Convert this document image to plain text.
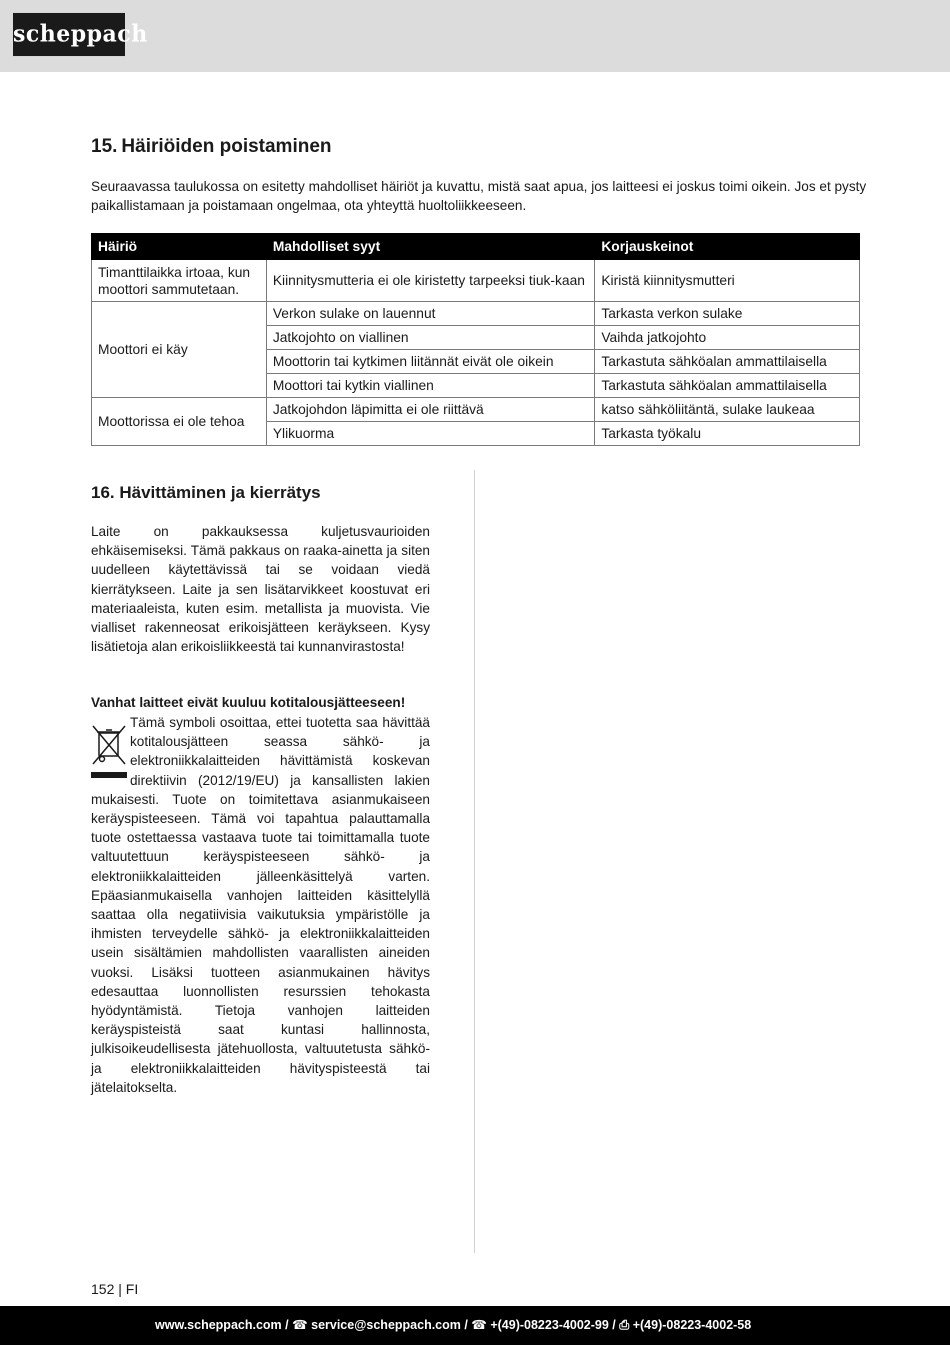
scheppach
15. Häiriöiden poistaminen

Seuraavassa taulukossa on esitetty mahdolliset häiriöt ja kuvattu, mistä saat apua, jos laitteesi ei joskus toimi oikein. Jos et pysty paikallistamaan ja poistamaan ongelmaa, ota yhteyttä huoltoliikkeeseen.

Häiriö	Mahdolliset syyt	Korjauskeinot
Timanttilaikka irtoaa, kun moottori sammutetaan.	Kiinnitysmutteria ei ole kiristetty tarpeeksi tiuk-kaan	Kiristä kiinnitysmutteri
Moottori ei käy	Verkon sulake on lauennut	Tarkasta verkon sulake
	Jatkojohto on viallinen	Vaihda jatkojohto
	Moottorin tai kytkimen liitännät eivät ole oikein	Tarkastuta sähköalan ammattilaisella
	Moottori tai kytkin viallinen	Tarkastuta sähköalan ammattilaisella
Moottorissa ei ole tehoa	Jatkojohdon läpimitta ei ole riittävä	katso sähköliitäntä, sulake laukeaa
	Ylikuorma	Tarkasta työkalu
16. Hävittäminen ja kierrätys

Laite on pakkauksessa kuljetusvaurioiden ehkäisemiseksi. Tämä pakkaus on raaka-ainetta ja siten uudelleen käytettävissä tai se voidaan viedä kierrätykseen. Laite ja sen lisätarvikkeet koostuvat eri materiaaleista, kuten esim. metallista ja muovista. Vie vialliset rakenneosat erikoisjätteen keräykseen. Kysy lisätietoja alan erikoisliikkeestä tai kunnanvirastosta!

Vanhat laitteet eivät kuuluu kotitalousjätteeseen!
Tämä symboli osoittaa, ettei tuotetta saa hävittää kotitalousjätteen seassa sähkö- ja elektroniikkalaitteiden hävittämistä koskevan direktiivin (2012/19/EU) ja kansallisten lakien mukaisesti. Tuote on toimitettava asianmukaiseen keräyspisteeseen. Tämä voi tapahtua palauttamalla tuote ostettaessa vastaava tuote tai toimittamalla tuote valtuutettuun keräyspisteeseen sähkö- ja elektroniikkalaitteiden jälleenkäsittelyä varten. Epäasianmukaisella vanhojen laitteiden käsittelyllä saattaa olla negatiivisia vaikutuksia ympäristölle ja ihmisten terveydelle sähkö- ja elektroniikkalaitteiden usein sisältämien mahdollisten vaarallisten aineiden vuoksi. Lisäksi tuotteen asianmukainen hävitys edesauttaa luonnollisten resurssien tehokasta hyödyntämistä. Tietoja vanhojen laitteiden keräyspisteistä saat kuntasi hallinnosta, julkisoikeudellisesta jätehuollosta, valtuutetusta sähkö- ja elektroniikkalaitteiden hävityspisteestä tai jätelaitokselta.
152 | FI
www.scheppach.com / ☎ service@scheppach.com / ☎ +(49)-08223-4002-99 / ⎙ +(49)-08223-4002-58
